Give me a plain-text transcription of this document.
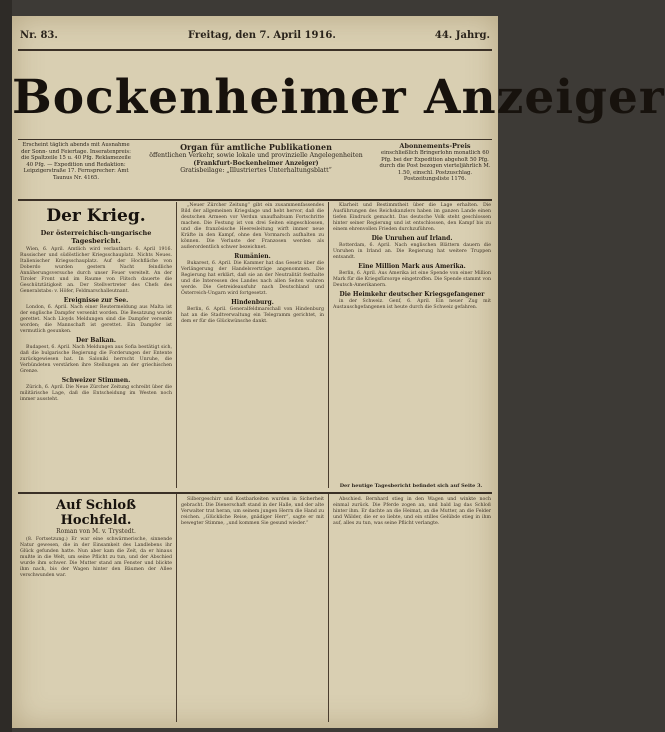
Nr. 83.	Freitag, den 7. April 1916.	44. Jahrg.
Bockenheimer Anzeiger
Erscheint täglich abends mit Ausnahme der Sonn- und Feiertage. Inseratenpreis: die Spaltzeile 15 u. 40 Pfg. Reklamezeile 40 Pfg. — Expedition und Redaktion: Leipzigerstraße 17. Fernsprecher: Amt Taunus Nr. 4165.
Organ für amtliche Publikationen
öffentlichen Verkehr, sowie lokale und provinzielle Angelegenheiten
(Frankfurt-Bockenheimer Anzeiger)
Gratisbeilage: „Illustriertes Unterhaltungsblatt“
Abonnements-Preis
einschließlich Bringerlohn monatlich 60 Pfg. bei der Expedition abgeholt 50 Pfg. durch die Post bezogen vierteljährlich M. 1.50, einschl. Postzuschlag. Postzeitungsliste 1176.
Der Krieg.
Der österreichisch-ungarische Tagesbericht.

Wien, 6. April. Amtlich wird verlautbart: 6. April 1916. Russischer und südöstlicher Kriegsschauplatz. Nichts Neues. Italienischer Kriegsschauplatz. Auf der Hochfläche von Doberdo wurden gestern Nacht feindliche Annäherungsversuche durch unser Feuer vereitelt. An der Tiroler Front und im Raume von Flitsch dauerte die Geschütztätigkeit an. Der Stellvertreter des Chefs des Generalstabs: v. Höfer, Feldmarschalleutnant.

Ereignisse zur See.

London, 6. April. Nach einer Reutermeldung aus Malta ist der englische Dampfer versenkt worden. Die Besatzung wurde gerettet. Nach Lloyds Meldungen sind die Dampfer versenkt worden; die Mannschaft ist gerettet. Ein Dampfer ist vermutlich gesunken.

Der Balkan.

Budapest, 6. April. Nach Meldungen aus Sofia bestätigt sich, daß die bulgarische Regierung die Forderungen der Entente zurückgewiesen hat. In Saloniki herrscht Unruhe, die Verbündeten verstärken ihre Stellungen an der griechischen Grenze.

Schweizer Stimmen.

Zürich, 6. April. Die Neue Zürcher Zeitung schreibt über die militärische Lage, daß die Entscheidung im Westen noch immer aussteht.

„Neuer Zürcher Zeitung“ gibt ein zusammenfassendes Bild der allgemeinen Kriegslage und hebt hervor, daß die deutschen Armeen vor Verdun unaufhaltsam Fortschritte machen. Die Festung ist von drei Seiten eingeschlossen, und die französische Heeresleitung wirft immer neue Kräfte in den Kampf, ohne den Vormarsch aufhalten zu können. Die Verluste der Franzosen werden als außerordentlich schwer bezeichnet.

Rumänien.

Bukarest, 6. April. Die Kammer hat das Gesetz über die Verlängerung der Handelsverträge angenommen. Die Regierung hat erklärt, daß sie an der Neutralität festhalte und die Interessen des Landes nach allen Seiten wahren werde. Die Getreideausfuhr nach Deutschland und Österreich-Ungarn wird fortgesetzt.

Hindenburg.

Berlin, 6. April. Generalfeldmarschall von Hindenburg hat an die Stadtverwaltung ein Telegramm gerichtet, in dem er für die Glückwünsche dankt.

Klarheit und Bestimmtheit über die Lage erhalten. Die Ausführungen des Reichskanzlers haben im ganzen Lande einen tiefen Eindruck gemacht. Das deutsche Volk steht geschlossen hinter seiner Regierung und ist entschlossen, den Kampf bis zu einem ehrenvollen Frieden durchzuführen.

Die Unruhen auf Irland.

Rotterdam, 6. April. Nach englischen Blättern dauern die Unruhen in Irland an. Die Regierung hat weitere Truppen entsandt.

Eine Million Mark aus Amerika.

Berlin, 6. April. Aus Amerika ist eine Spende von einer Million Mark für die Kriegsfürsorge eingetroffen. Die Spende stammt von Deutsch-Amerikanern.

Die Heimkehr deutscher Kriegsgefangener

in der Schweiz. Genf, 6. April. Ein neuer Zug mit Austauschgefangenen ist heute durch die Schweiz gefahren.

Der heutige Tagesbericht befindet sich auf Seite 3.
Auf Schloß Hochfeld.
Roman von M. v. Trystedt.

(8. Fortsetzung.) Er war eine schwärmerische, sinnende Natur gewesen, die in der Einsamkeit des Landlebens ihr Glück gefunden hatte. Nun aber kam die Zeit, da er hinaus mußte in die Welt, um seine Pflicht zu tun, und der Abschied wurde ihm schwer. Die Mutter stand am Fenster und blickte ihm nach, bis der Wagen hinter den Bäumen der Allee verschwunden war.

Silbergeschirr und Kostbarkeiten wurden in Sicherheit gebracht. Die Dienerschaft stand in der Halle, und der alte Verwalter trat heran, um seinem jungen Herrn die Hand zu reichen. „Glückliche Reise, gnädiger Herr“, sagte er mit bewegter Stimme, „und kommen Sie gesund wieder.“

Abschied. Bernhard stieg in den Wagen und winkte noch einmal zurück. Die Pferde zogen an, und bald lag das Schloß hinter ihm. Er dachte an die Heimat, an die Mutter, an die Felder und Wälder, die er so liebte, und ein stilles Gelübde stieg in ihm auf, alles zu tun, was seine Pflicht verlangte.
